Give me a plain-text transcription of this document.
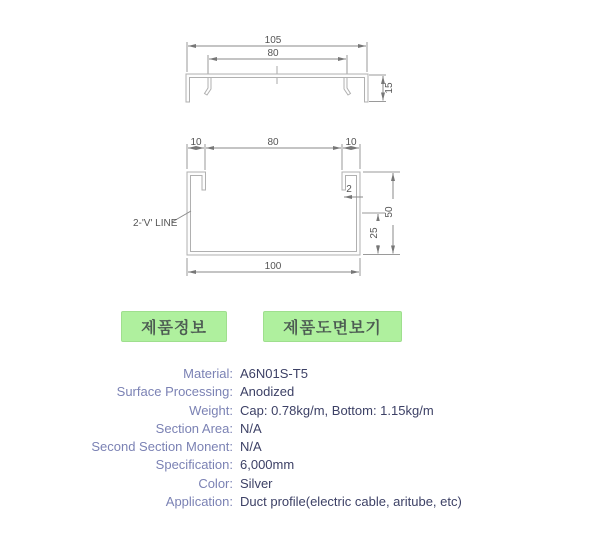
105
80
15
10	80	10
2
50
25
100
2-'V' LINE
제품정보	제품도면보기
Material: A6N01S-T5
Surface Processing: Anodized
Weight: Cap: 0.78kg/m, Bottom: 1.15kg/m
Section Area: N/A
Second Section Monent: N/A
Specification: 6,000mm
Color: Silver
Application: Duct profile(electric cable, aritube, etc)
